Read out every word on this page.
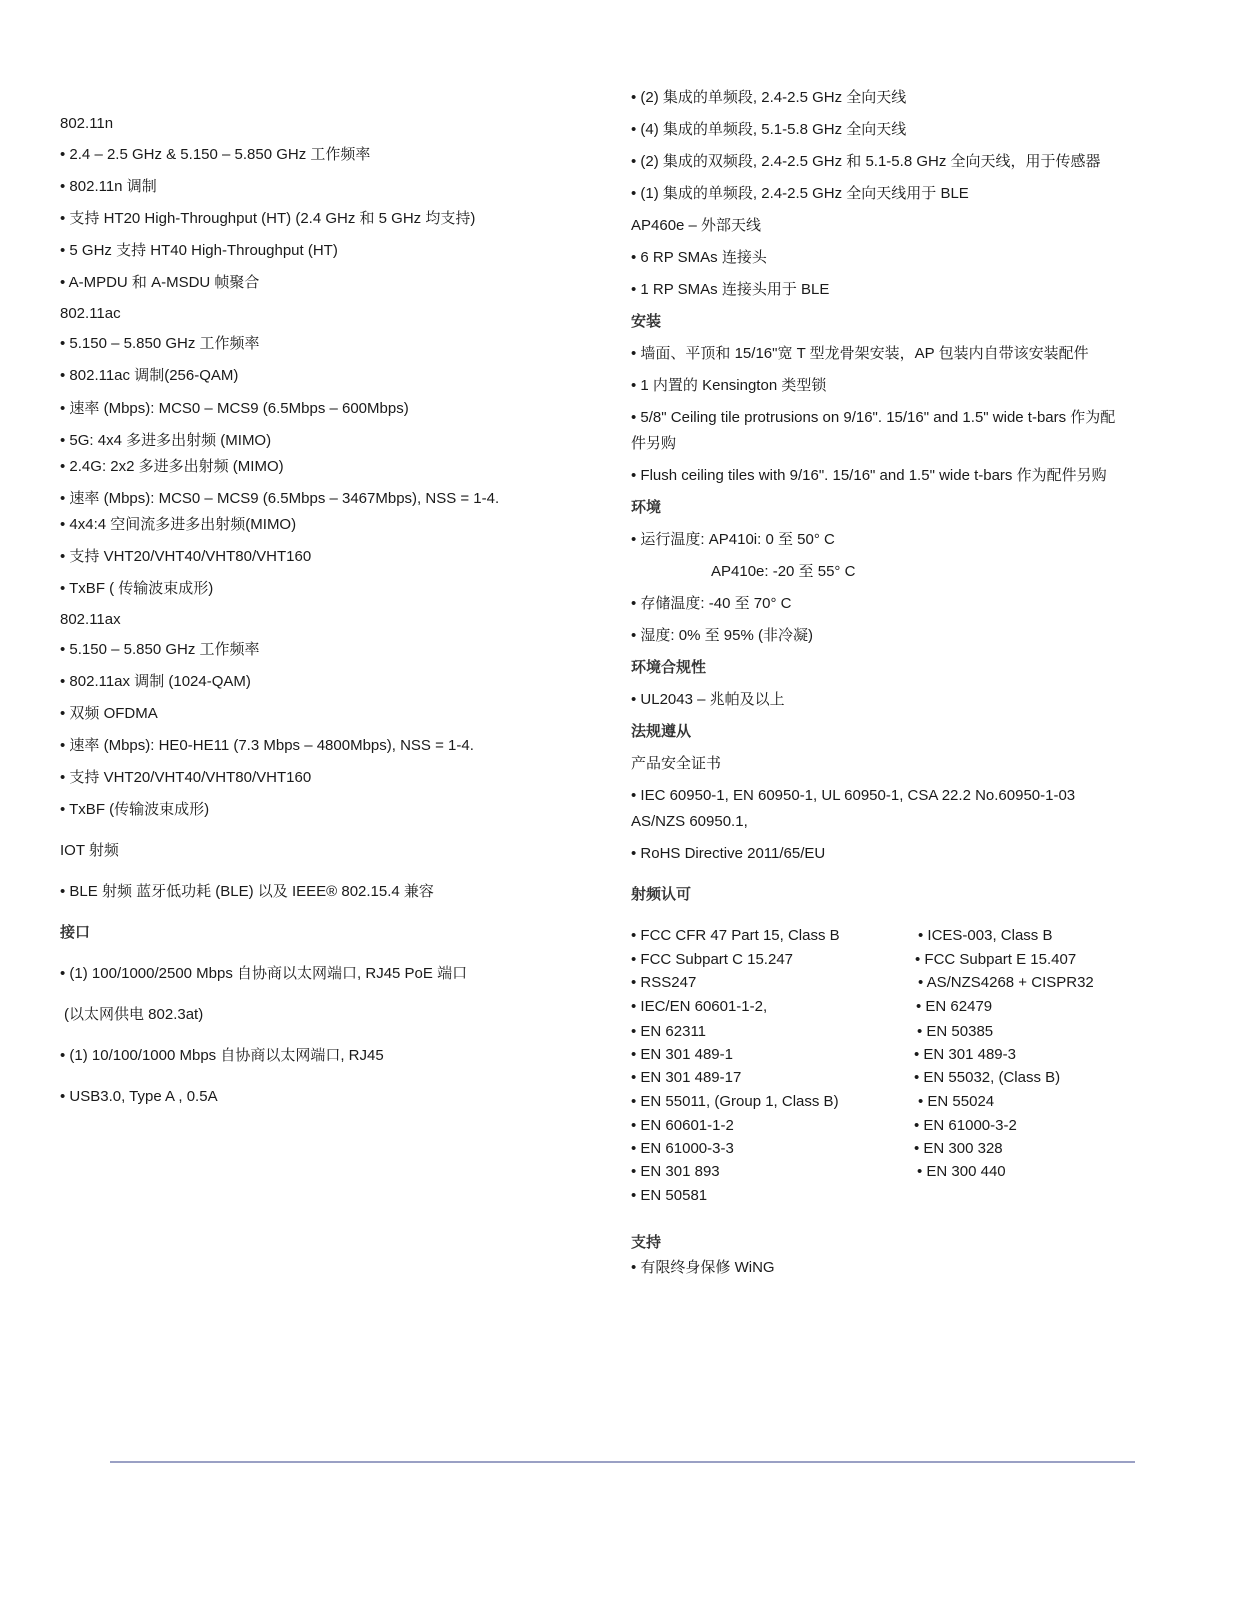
802.11n
• 2.4 – 2.5 GHz & 5.150 – 5.850 GHz 工作频率
• 802.11n 调制
• 支持 HT20 High-Throughput (HT) (2.4 GHz 和 5 GHz 均支持)
• 5 GHz 支持 HT40 High-Throughput (HT)
• A-MPDU 和 A-MSDU 帧聚合
802.11ac
• 5.150 – 5.850 GHz 工作频率
• 802.11ac 调制(256-QAM)
• 速率 (Mbps): MCS0 – MCS9 (6.5Mbps – 600Mbps)
• 5G: 4x4 多进多出射频 (MIMO)
• 2.4G: 2x2 多进多出射频 (MIMO)
• 速率 (Mbps): MCS0 – MCS9 (6.5Mbps – 3467Mbps), NSS = 1-4.
• 4x4:4 空间流多进多出射频(MIMO)
• 支持 VHT20/VHT40/VHT80/VHT160
• TxBF ( 传输波束成形)
802.11ax
• 5.150 – 5.850 GHz 工作频率
• 802.11ax 调制 (1024-QAM)
• 双频 OFDMA
• 速率 (Mbps): HE0-HE11 (7.3 Mbps – 4800Mbps), NSS = 1-4.
• 支持 VHT20/VHT40/VHT80/VHT160
• TxBF (传输波束成形)
IOT 射频
• BLE 射频 蓝牙低功耗 (BLE) 以及 IEEE® 802.15.4 兼容
接口
• (1) 100/1000/2500 Mbps 自协商以太网端口, RJ45 PoE 端口
(以太网供电 802.3at)
• (1) 10/100/1000 Mbps 自协商以太网端口, RJ45
• USB3.0, Type A , 0.5A
• (2) 集成的单频段, 2.4-2.5 GHz 全向天线
• (4) 集成的单频段, 5.1-5.8 GHz 全向天线
• (2) 集成的双频段, 2.4-2.5 GHz 和 5.1-5.8 GHz 全向天线，用于传感器
• (1) 集成的单频段, 2.4-2.5 GHz 全向天线用于 BLE
AP460e – 外部天线
• 6 RP SMAs 连接头
• 1 RP SMAs 连接头用于 BLE
安装
• 墙面、平顶和 15/16"宽 T 型龙骨架安装，AP 包装内自带该安装配件
• 1 内置的 Kensington 类型锁
• 5/8" Ceiling tile protrusions on 9/16". 15/16" and 1.5" wide t-bars 作为配
件另购
• Flush ceiling tiles with 9/16". 15/16" and 1.5" wide t-bars 作为配件另购
环境
• 运行温度: AP410i: 0 至 50° C
AP410e: -20 至 55° C
• 存储温度: -40 至 70° C
• 湿度: 0% 至 95% (非冷凝)
环境合规性
• UL2043 – 兆帕及以上
法规遵从
产品安全证书
• IEC 60950-1, EN 60950-1, UL 60950-1, CSA 22.2 No.60950-1-03
AS/NZS 60950.1,
• RoHS Directive 2011/65/EU
射频认可
• FCC CFR 47 Part 15, Class B
• FCC Subpart C 15.247
• RSS247
• IEC/EN 60601-1-2,
• EN 62311
• EN 301 489-1
• EN 301 489-17
• EN 55011, (Group 1, Class B)
• EN 60601-1-2
• EN 61000-3-3
• EN 301 893
• EN 50581
• ICES-003, Class B
• FCC Subpart E 15.407
• AS/NZS4268 + CISPR32
• EN 62479
• EN 50385
• EN 301 489-3
• EN 55032, (Class B)
• EN 55024
• EN 61000-3-2
• EN 300 328
• EN 300 440
支持
• 有限终身保修 WiNG
